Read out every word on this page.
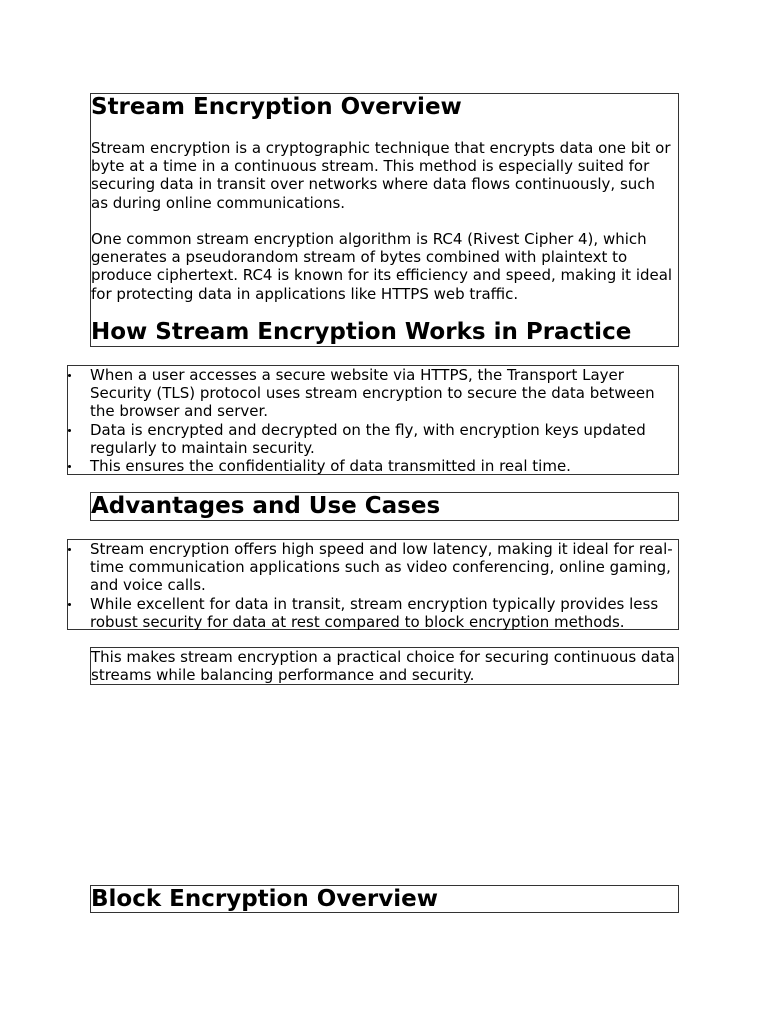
Stream Encryption Overview

Stream encryption is a cryptographic technique that encrypts data one bit or byte at a time in a continuous stream. This method is especially suited for securing data in transit over networks where data flows continuously, such as during online communications.

One common stream encryption algorithm is RC4 (Rivest Cipher 4), which generates a pseudorandom stream of bytes combined with plaintext to produce ciphertext. RC4 is known for its efficiency and speed, making it ideal for protecting data in applications like HTTPS web traffic.

How Stream Encryption Works in Practice
When a user accesses a secure website via HTTPS, the Transport Layer Security (TLS) protocol uses stream encryption to secure the data between the browser and server.
Data is encrypted and decrypted on the fly, with encryption keys updated regularly to maintain security.
This ensures the confidentiality of data transmitted in real time.
Advantages and Use Cases
Stream encryption offers high speed and low latency, making it ideal for real-time communication applications such as video conferencing, online gaming, and voice calls.
While excellent for data in transit, stream encryption typically provides less robust security for data at rest compared to block encryption methods.

This makes stream encryption a practical choice for securing continuous data streams while balancing performance and security.

Block Encryption Overview
